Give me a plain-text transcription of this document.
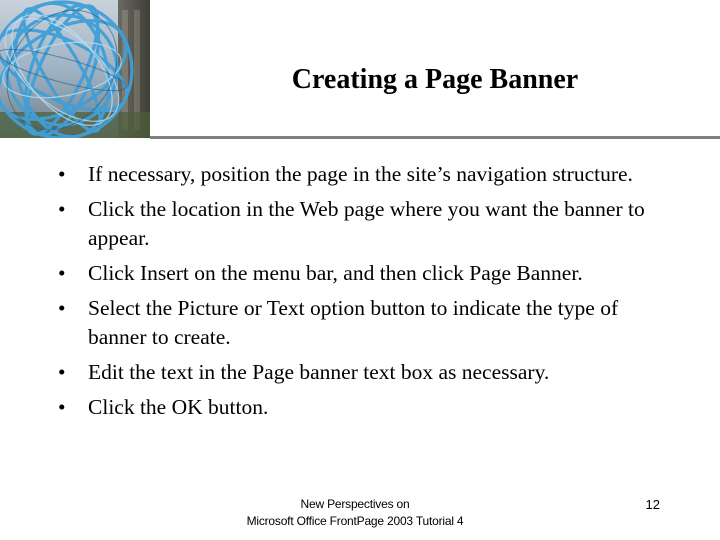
Creating a Page Banner
•	If necessary, position the page in the site’s navigation structure.
•	Click the location in the Web page where you want the banner to appear.
•	Click Insert on the menu bar, and then click Page Banner.
•	Select the Picture or Text option button to indicate the type of banner to create.
•	Edit the text in the Page banner text box as necessary.
•	Click the OK button.
New Perspectives on
Microsoft Office FrontPage 2003 Tutorial 4
12
